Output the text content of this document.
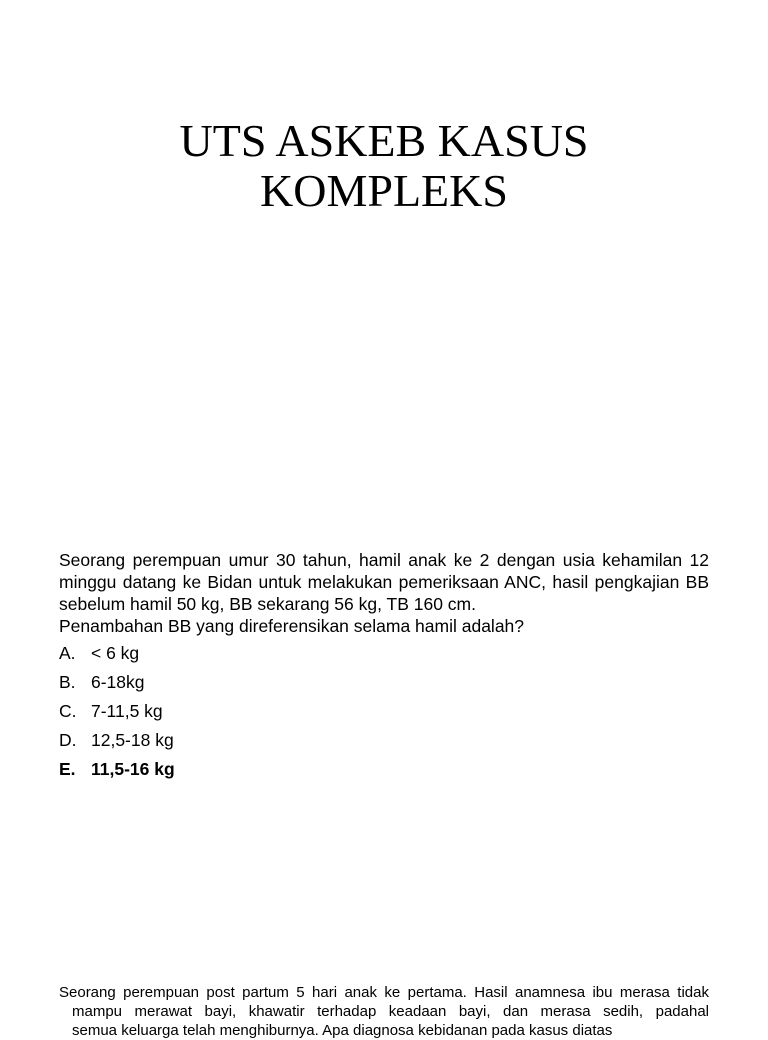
UTS ASKEB KASUS
KOMPLEKS
Seorang perempuan umur 30 tahun, hamil anak ke 2 dengan usia kehamilan 12 minggu datang ke Bidan untuk melakukan pemeriksaan ANC, hasil pengkajian BB sebelum hamil 50 kg, BB sekarang 56 kg, TB 160 cm.
Penambahan BB yang direferensikan selama hamil adalah?
A. < 6 kg
B. 6-18kg
C. 7-11,5 kg
D. 12,5-18 kg
E. 11,5-16 kg
Seorang perempuan post partum 5 hari anak ke pertama. Hasil anamnesa ibu merasa tidak
mampu merawat bayi, khawatir terhadap keadaan bayi, dan merasa sedih, padahal
semua keluarga telah menghiburnya. Apa diagnosa kebidanan pada kasus diatas
